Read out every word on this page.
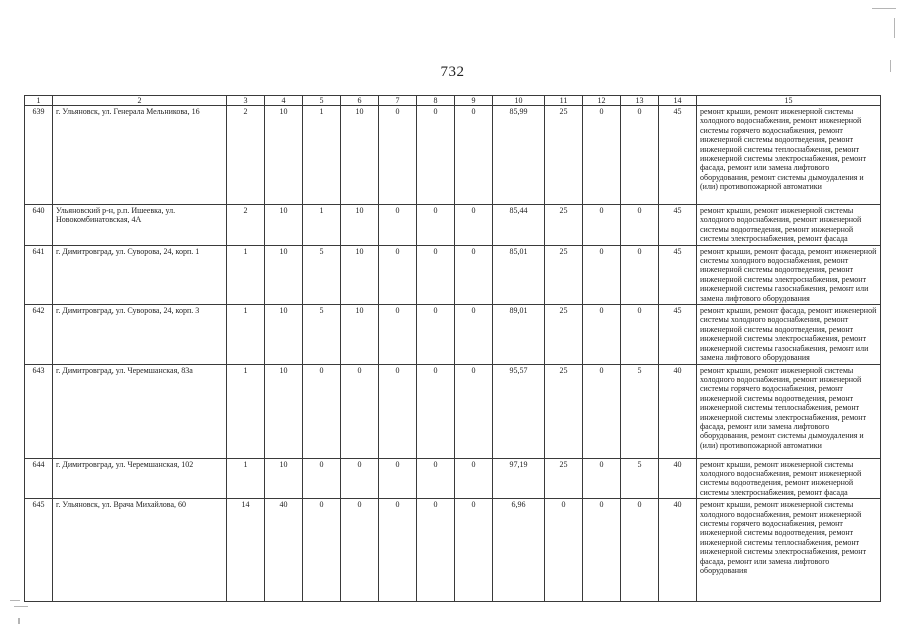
732
1	2	3	4	5	6	7	8	9	10	11	12	13	14	15
639	г. Ульяновск, ул. Генерала Мельникова, 16	2	10	1	10	0	0	0	85,99	25	0	0	45	ремонт крыши, ремонт инженерной системы холодного водоснабжения, ремонт инженерной системы горячего водоснабжения, ремонт инженерной системы водоотведения, ремонт инженерной системы теплоснабжения, ремонт инженерной системы электроснабжения, ремонт фасада, ремонт или замена лифтового оборудования, ремонт системы дымоудаления и (или) противопожарной автоматики
640	Ульяновский р-н, р.п. Ишеевка, ул. Новокомбинатовская, 4А	2	10	1	10	0	0	0	85,44	25	0	0	45	ремонт крыши, ремонт инженерной системы холодного водоснабжения, ремонт инженерной системы водоотведения, ремонт инженерной системы электроснабжения, ремонт фасада
641	г. Димитровград, ул. Суворова, 24, корп. 1	1	10	5	10	0	0	0	85,01	25	0	0	45	ремонт крыши, ремонт фасада, ремонт инженерной системы холодного водоснабжения, ремонт инженерной системы водоотведения, ремонт инженерной системы электроснабжения, ремонт инженерной системы газоснабжения, ремонт или замена лифтового оборудования
642	г. Димитровград, ул. Суворова, 24, корп. 3	1	10	5	10	0	0	0	89,01	25	0	0	45	ремонт крыши, ремонт фасада, ремонт инженерной системы холодного водоснабжения, ремонт инженерной системы водоотведения, ремонт инженерной системы электроснабжения, ремонт инженерной системы газоснабжения, ремонт или замена лифтового оборудования
643	г. Димитровград, ул. Черемшанская, 83а	1	10	0	0	0	0	0	95,57	25	0	5	40	ремонт крыши, ремонт инженерной системы холодного водоснабжения, ремонт инженерной системы горячего водоснабжения, ремонт инженерной системы водоотведения, ремонт инженерной системы теплоснабжения, ремонт инженерной системы электроснабжения, ремонт фасада, ремонт или замена лифтового оборудования, ремонт системы дымоудаления и (или) противопожарной автоматики
644	г. Димитровград, ул. Черемшанская, 102	1	10	0	0	0	0	0	97,19	25	0	5	40	ремонт крыши, ремонт инженерной системы холодного водоснабжения, ремонт инженерной системы водоотведения, ремонт инженерной системы электроснабжения, ремонт фасада
645	г. Ульяновск, ул. Врача Михайлова, 60	14	40	0	0	0	0	0	6,96	0	0	0	40	ремонт крыши, ремонт инженерной системы холодного водоснабжения, ремонт инженерной системы горячего водоснабжения, ремонт инженерной системы водоотведения, ремонт инженерной системы теплоснабжения, ремонт инженерной системы электроснабжения, ремонт фасада, ремонт или замена лифтового оборудования
